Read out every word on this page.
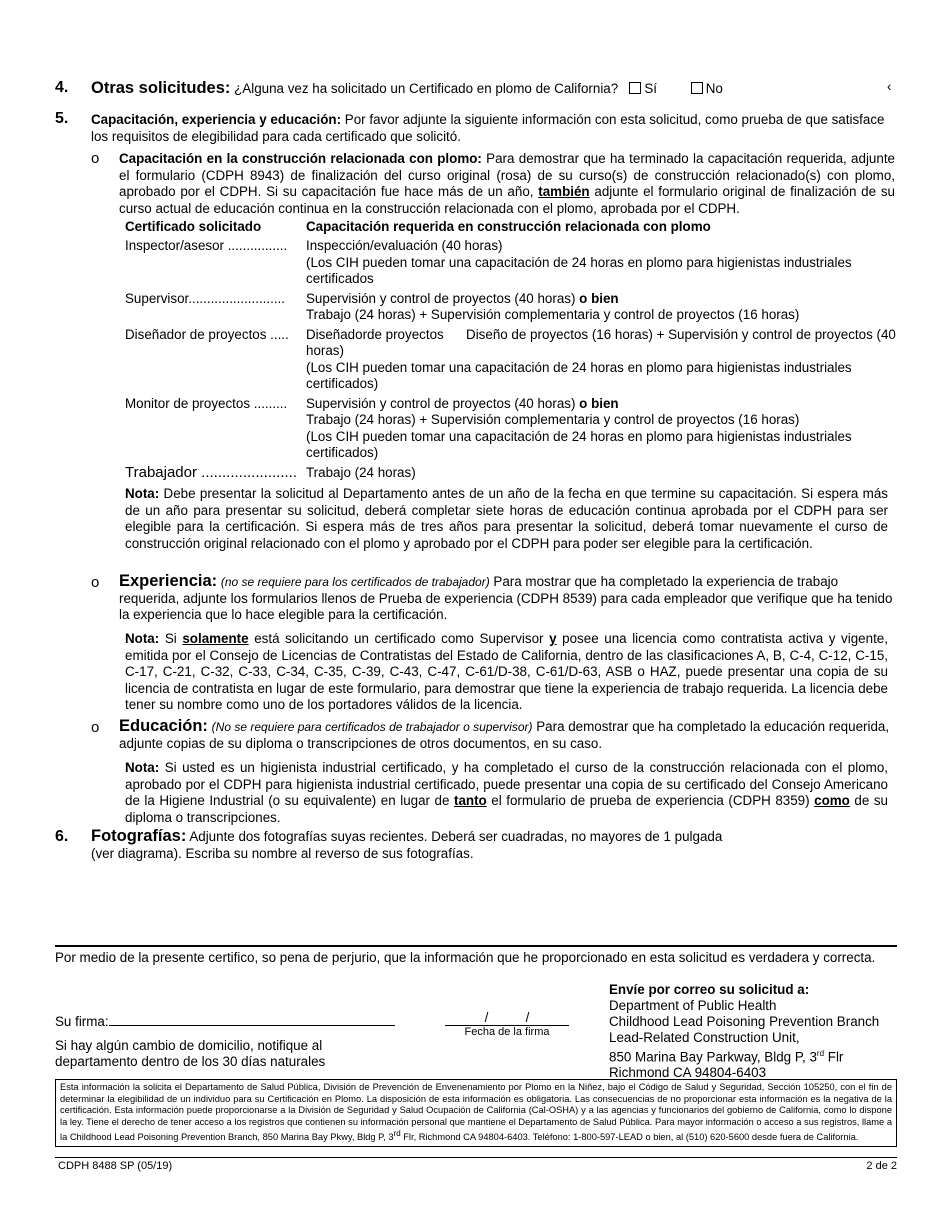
4. Otras solicitudes: ¿Alguna vez ha solicitado un Certificado en plomo de California? Sí	No	‹
5. Capacitación, experiencia y educación: Por favor adjunte la siguiente información con esta solicitud, como prueba de que satisface los requisitos de elegibilidad para cada certificado que solicitó.
o Capacitación en la construcción relacionada con plomo: Para demostrar que ha terminado la capacitación requerida, adjunte el formulario (CDPH 8943) de finalización del curso original (rosa) de su curso(s) de construcción relacionado(s) con plomo, aprobado por el CDPH. Si su capacitación fue hace más de un año, también adjunte el formulario original de finalización de su curso actual de educación continua en la construcción relacionada con el plomo, aprobada por el CDPH.
Certificado solicitado	Capacitación requerida en construcción relacionada con plomo
Inspector/asesor ................	Inspección/evaluación (40 horas)
(Los CIH pueden tomar una capacitación de 24 horas en plomo para higienistas industriales certificados

Supervisor..........................	Supervisión y control de proyectos (40 horas) o bien
Trabajo (24 horas) + Supervisión complementaria y control de proyectos (16 horas)

Diseñador de proyectos .....	Diseñadorde proyectos      Diseño de proyectos (16 horas) + Supervisión y control de proyectos (40 horas)
(Los CIH pueden tomar una capacitación de 24 horas en plomo para higienistas industriales certificados)

Monitor de proyectos .........	Supervisión y control de proyectos (40 horas) o bien
Trabajo (24 horas) + Supervisión complementaria y control de proyectos (16 horas)
(Los CIH pueden tomar una capacitación de 24 horas en plomo para higienistas industriales certificados)

Trabajador .......................	Trabajo (24 horas)
Nota: Debe presentar la solicitud al Departamento antes de un año de la fecha en que termine su capacitación. Si espera más de un año para presentar su solicitud, deberá completar siete horas de educación continua aprobada por el CDPH para ser elegible para la certificación. Si espera más de tres años para presentar la solicitud, deberá tomar nuevamente el curso de construcción original relacionado con el plomo y aprobado por el CDPH para poder ser elegible para la certificación.
o Experiencia: (no se requiere para los certificados de trabajador) Para mostrar que ha completado la experiencia de trabajo requerida, adjunte los formularios llenos de Prueba de experiencia (CDPH 8539) para cada empleador que verifique que ha tenido la experiencia que lo hace elegible para la certificación.
Nota: Si solamente está solicitando un certificado como Supervisor y posee una licencia como contratista activa y vigente, emitida por el Consejo de Licencias de Contratistas del Estado de California, dentro de las clasificaciones A, B, C-4, C-12, C-15, C-17, C-21, C-32, C-33, C-34, C-35, C-39, C-43, C-47, C-61/D-38, C-61/D-63, ASB o HAZ, puede presentar una copia de su licencia de contratista en lugar de este formulario, para demostrar que tiene la experiencia de trabajo requerida. La licencia debe tener su nombre como uno de los portadores válidos de la licencia.
o Educación: (No se requiere para certificados de trabajador o supervisor) Para demostrar que ha completado la educación requerida, adjunte copias de su diploma o transcripciones de otros documentos, en su caso.
Nota: Si usted es un higienista industrial certificado, y ha completado el curso de la construcción relacionada con el plomo, aprobado por el CDPH para higienista industrial certificado, puede presentar una copia de su certificado del Consejo Americano de la Higiene Industrial (o su equivalente) en lugar de tanto el formulario de prueba de experiencia (CDPH 8359) como de su diploma o transcripciones.
6. Fotografías: Adjunte dos fotografías suyas recientes. Deberá ser cuadradas, no mayores de 1 pulgada
(ver diagrama). Escriba su nombre al reverso de sus fotografías.
Por medio de la presente certifico, so pena de perjurio, que la información que he proporcionado en esta solicitud es verdadera y correcta.
Su firma:	/          /
Fecha de la firma
Si hay algún cambio de domicilio, notifique al departamento dentro de los 30 días naturales
Envíe por correo su solicitud a:
Department of Public Health
Childhood Lead Poisoning Prevention Branch
Lead-Related Construction Unit,
850 Marina Bay Parkway, Bldg P, 3rd Flr
Richmond CA 94804-6403
Esta información la solicita el Departamento de Salud Pública, División de Prevención de Envenenamiento por Plomo en la Niñez, bajo el Código de Salud y Seguridad, Sección 105250, con el fin de determinar la elegibilidad de un individuo para su Certificación en Plomo. La disposición de esta información es obligatoria. Las consecuencias de no proporcionar esta información es la negativa de la certificación. Esta información puede proporcionarse a la División de Seguridad y Salud Ocupación de California (Cal-OSHA) y a las agencias y funcionarios del gobierno de California, como lo dispone la ley. Tiene el derecho de tener acceso a los registros que contienen su información personal que mantiene el Departamento de Salud Pública. Para mayor información o acceso a sus registros, llame a la Childhood Lead Poisoning Prevention Branch, 850 Marina Bay Pkwy, Bldg P, 3rd Flr, Richmond CA 94804-6403. Teléfono: 1-800-597-LEAD o bien, al (510) 620-5600 desde fuera de California.
CDPH 8488 SP (05/19)	2 de 2
